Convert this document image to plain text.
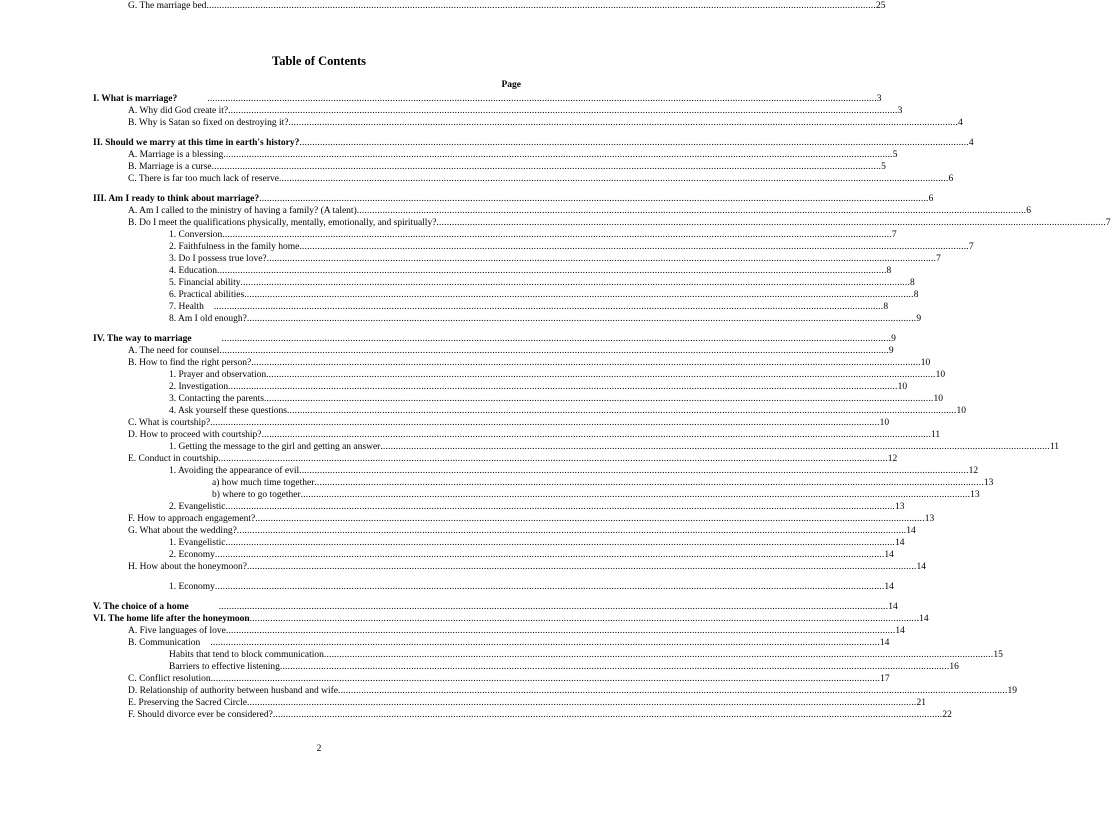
Table of Contents
Page
I. What is marriage?	.................................................................................................................................................................................................................................................................... 3
A. Why did God create it? .................................................................................................................................................................................................................................................................... 3
B. Why is Satan so fixed on destroying it? .................................................................................................................................................................................................................................................................... 4
II. Should we marry at this time in earth's history? .................................................................................................................................................................................................................................................................... 4
A. Marriage is a blessing .................................................................................................................................................................................................................................................................... 5
B. Marriage is a curse .................................................................................................................................................................................................................................................................... 5
C. There is far too much lack of reserve .................................................................................................................................................................................................................................................................... 6
III. Am I ready to think about marriage? .................................................................................................................................................................................................................................................................... 6
A. Am I called to the ministry of having a family? (A talent) .................................................................................................................................................................................................................................................................... 6
B. Do I meet the qualifications physically, mentally, emotionally, and spiritually? .................................................................................................................................................................................................................................................................... 7
1. Conversion .................................................................................................................................................................................................................................................................... 7
2. Faithfulness in the family home .................................................................................................................................................................................................................................................................... 7
3. Do I possess true love? .................................................................................................................................................................................................................................................................... 7
4. Education .................................................................................................................................................................................................................................................................... 8
5. Financial ability .................................................................................................................................................................................................................................................................... 8
6. Practical abilities .................................................................................................................................................................................................................................................................... 8
7. Health .................................................................................................................................................................................................................................................................... 8
8. Am I old enough? .................................................................................................................................................................................................................................................................... 9
IV. The way to marriage	.................................................................................................................................................................................................................................................................... 9
A. The need for counsel .................................................................................................................................................................................................................................................................... 9
B. How to find the right person? .................................................................................................................................................................................................................................................................... 10
1. Prayer and observation .................................................................................................................................................................................................................................................................... 10
2. Investigation .................................................................................................................................................................................................................................................................... 10
3. Contacting the parents .................................................................................................................................................................................................................................................................... 10
4. Ask yourself these questions .................................................................................................................................................................................................................................................................... 10
C. What is courtship? .................................................................................................................................................................................................................................................................... 10
D. How to proceed with courtship? .................................................................................................................................................................................................................................................................... 11
1. Getting the message to the girl and getting an answer .................................................................................................................................................................................................................................................................... 11
E. Conduct in courtship .................................................................................................................................................................................................................................................................... 12
1. Avoiding the appearance of evil .................................................................................................................................................................................................................................................................... 12
a) how much time together .................................................................................................................................................................................................................................................................... 13
b) where to go together .................................................................................................................................................................................................................................................................... 13
2. Evangelistic .................................................................................................................................................................................................................................................................... 13
F. How to approach engagement? .................................................................................................................................................................................................................................................................... 13
G. What about the wedding? .................................................................................................................................................................................................................................................................... 14
1. Evangelistic .................................................................................................................................................................................................................................................................... 14
2. Economy .................................................................................................................................................................................................................................................................... 14
H. How about the honeymoon? .................................................................................................................................................................................................................................................................... 14
1. Economy .................................................................................................................................................................................................................................................................... 14
V. The choice of a home	.................................................................................................................................................................................................................................................................... 14
VI. The home life after the honeymoon .................................................................................................................................................................................................................................................................... 14
A. Five languages of love .................................................................................................................................................................................................................................................................... 14
B. Communication .................................................................................................................................................................................................................................................................... 14
Habits that tend to block communication .................................................................................................................................................................................................................................................................... 15
Barriers to effective listening .................................................................................................................................................................................................................................................................... 16
C. Conflict resolution .................................................................................................................................................................................................................................................................... 17
D. Relationship of authority between husband and wife .................................................................................................................................................................................................................................................................... 19
E. Preserving the Sacred Circle .................................................................................................................................................................................................................................................................... 21
F. Should divorce ever be considered? .................................................................................................................................................................................................................................................................... 22
G. The marriage bed .................................................................................................................................................................................................................................................................... 25
2
